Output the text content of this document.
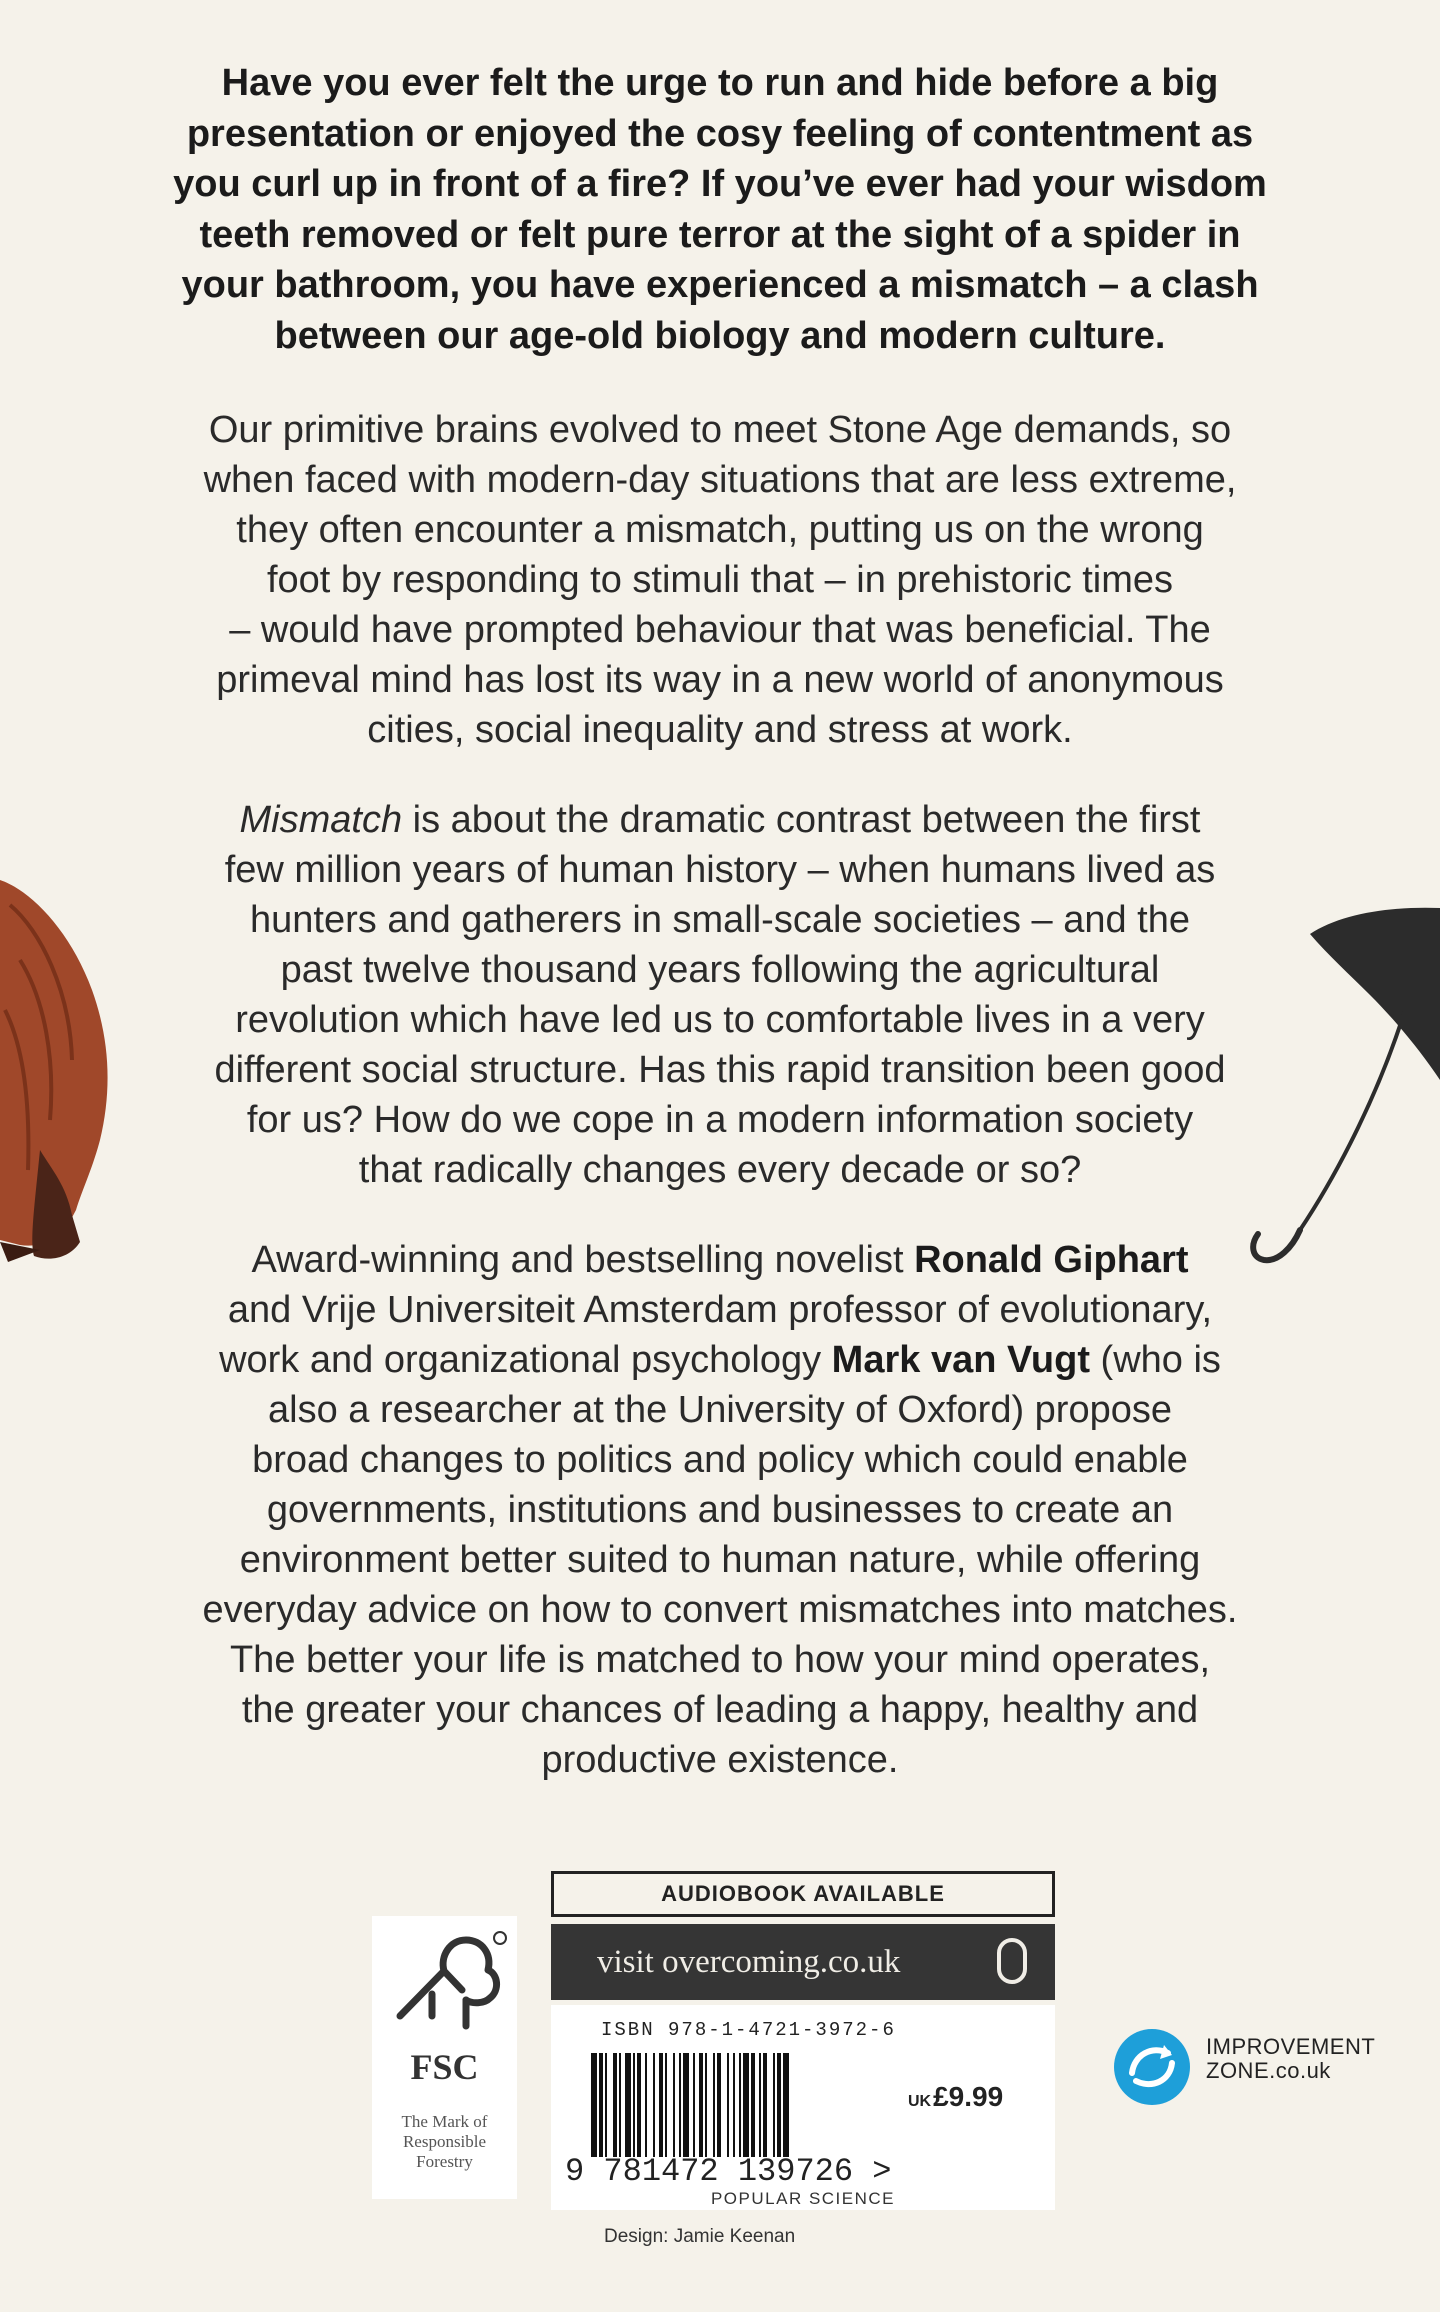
Have you ever felt the urge to run and hide before a big
presentation or enjoyed the cosy feeling of contentment as
you curl up in front of a fire? If you’ve ever had your wisdom
teeth removed or felt pure terror at the sight of a spider in
your bathroom, you have experienced a mismatch – a clash
between our age-old biology and modern culture.
Our primitive brains evolved to meet Stone Age demands, so
when faced with modern-day situations that are less extreme,
they often encounter a mismatch, putting us on the wrong
foot by responding to stimuli that – in prehistoric times
– would have prompted behaviour that was beneficial. The
primeval mind has lost its way in a new world of anonymous
cities, social inequality and stress at work.
Mismatch is about the dramatic contrast between the first
few million years of human history – when humans lived as
hunters and gatherers in small-scale societies – and the
past twelve thousand years following the agricultural
revolution which have led us to comfortable lives in a very
different social structure. Has this rapid transition been good
for us? How do we cope in a modern information society
that radically changes every decade or so?
Award-winning and bestselling novelist Ronald Giphart
and Vrije Universiteit Amsterdam professor of evolutionary,
work and organizational psychology Mark van Vugt (who is
also a researcher at the University of Oxford) propose
broad changes to politics and policy which could enable
governments, institutions and businesses to create an
environment better suited to human nature, while offering
everyday advice on how to convert mismatches into matches.
The better your life is matched to how your mind operates,
the greater your chances of leading a happy, healthy and
productive existence.
FSC
The Mark of
Responsible
Forestry
AUDIOBOOK AVAILABLE
visit overcoming.co.uk
ISBN 978-1-4721-3972-6
UK£9.99
9 781472 139726 >
POPULAR SCIENCE
Design: Jamie Keenan
IMPROVEMENT
ZONE.co.uk
